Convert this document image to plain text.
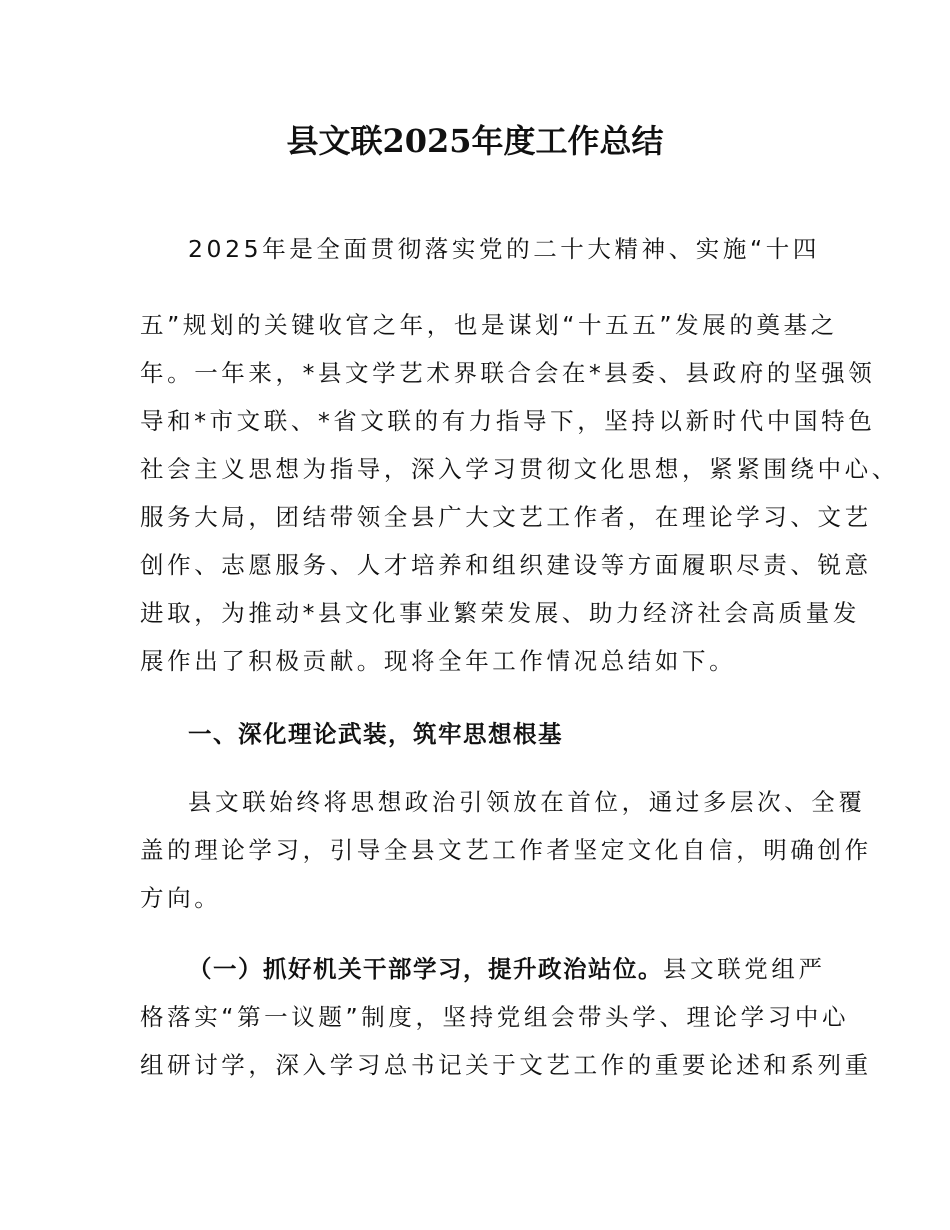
县文联2025年度工作总结
2025年是全面贯彻落实党的二十大精神、实施“十四
五”规划的关键收官之年，也是谋划“十五五”发展的奠基之
年。一年来，*县文学艺术界联合会在*县委、县政府的坚强领
导和*市文联、*省文联的有力指导下，坚持以新时代中国特色
社会主义思想为指导，深入学习贯彻文化思想，紧紧围绕中心、
服务大局，团结带领全县广大文艺工作者，在理论学习、文艺
创作、志愿服务、人才培养和组织建设等方面履职尽责、锐意
进取，为推动*县文化事业繁荣发展、助力经济社会高质量发
展作出了积极贡献。现将全年工作情况总结如下。
一、深化理论武装，筑牢思想根基
县文联始终将思想政治引领放在首位，通过多层次、全覆
盖的理论学习，引导全县文艺工作者坚定文化自信，明确创作
方向。
（一）抓好机关干部学习，提升政治站位。县文联党组严
格落实“第一议题”制度，坚持党组会带头学、理论学习中心
组研讨学，深入学习总书记关于文艺工作的重要论述和系列重
